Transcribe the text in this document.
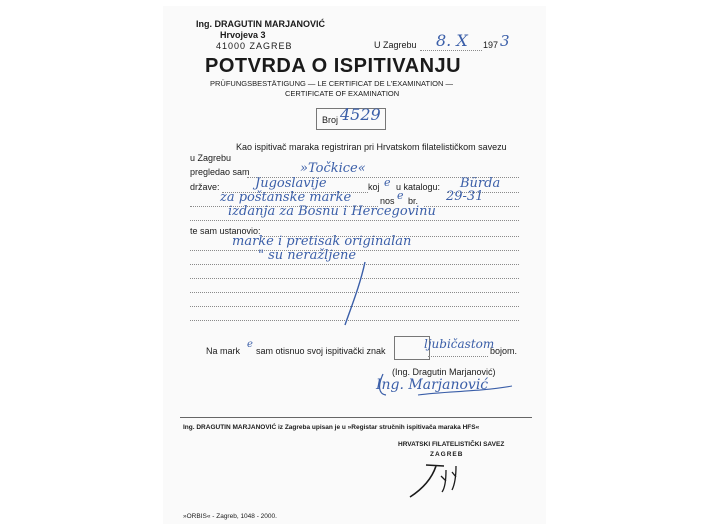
Ing. DRAGUTIN MARJANOVIĆ
Hrvojeva 3
41000 ZAGREB	U Zagrebu 8. X 197 3
POTVRDA O ISPITIVANJU
PRÜFUNGSBESTÄTIGUNG — LE CERTIFICAT DE L'EXAMINATION —
CERTIFICATE OF EXAMINATION
Broj 4529
Kao ispitivač maraka registriran pri Hrvatskom filatelističkom savezu
u Zagrebu
pregledao sam	»Točkice«
države:	Jugoslavije	koj e u katalogu: Bürda
za poštanske marke	nos e br. 29-31
izdanja za Bosnu i Hercegovinu
te sam ustanovio:
marke i pretisak originalan
" su neražljene
Na mark
e
sam otisnuo svoj ispitivački znak	ljubičastom
bojom.
(Ing. Dragutin Marjanović)
Ing. Marjanović
Ing. DRAGUTIN MARJANOVIĆ iz Zagreba upisan je u »Registar stručnih ispitivača maraka HFS«
HRVATSKI FILATELISTIČKI SAVEZ
ZAGREB
»ORBIS« - Zagreb, 1048 - 2000.
